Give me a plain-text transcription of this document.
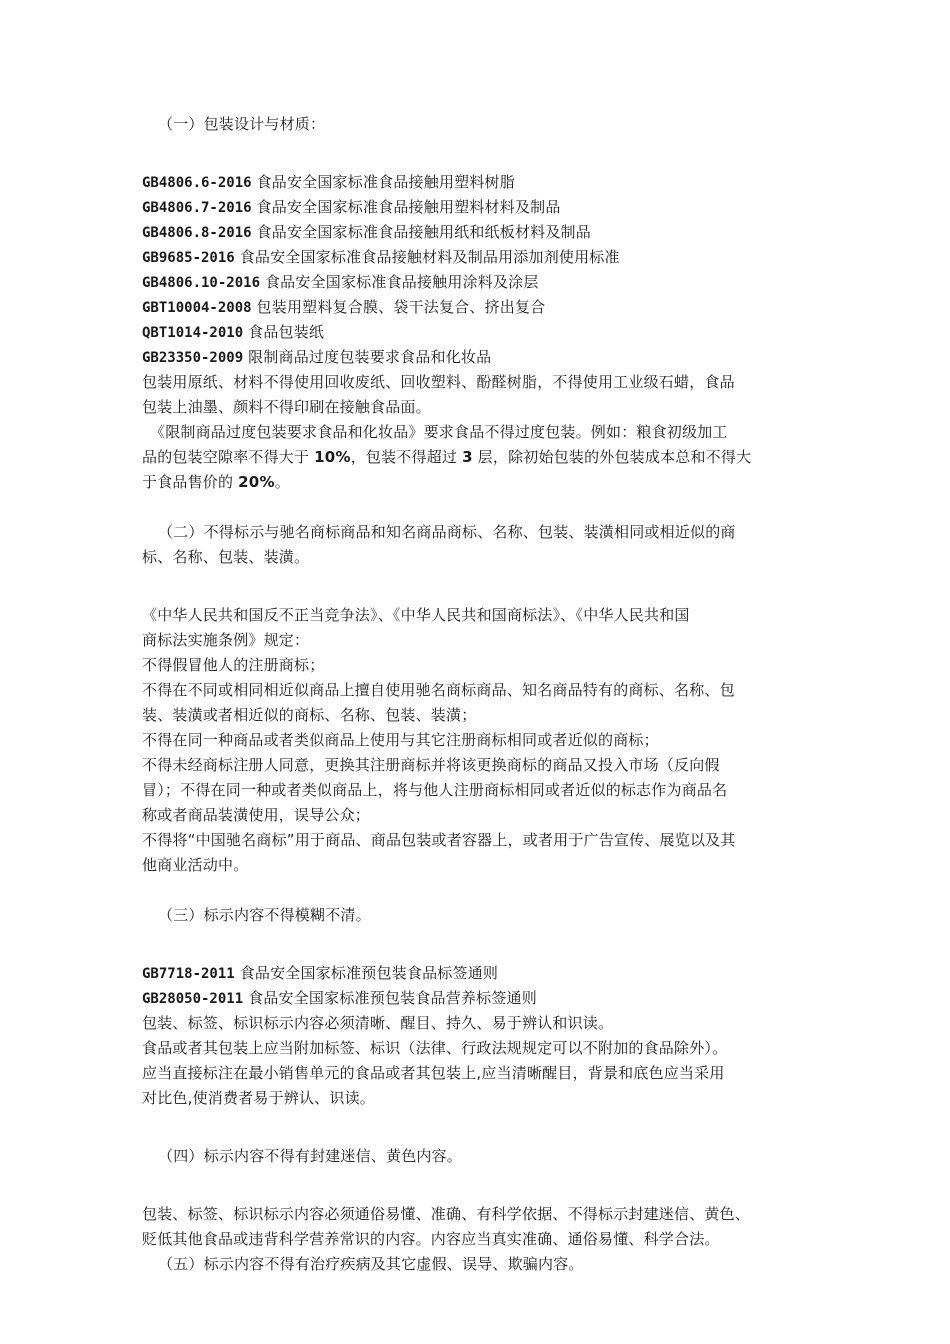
（一）包装设计与材质：
GB4806.6-2016 食品安全国家标准食品接触用塑料树脂
GB4806.7-2016 食品安全国家标准食品接触用塑料材料及制品
GB4806.8-2016 食品安全国家标准食品接触用纸和纸板材料及制品
GB9685-2016 食品安全国家标准食品接触材料及制品用添加剂使用标准
GB4806.10-2016 食品安全国家标准食品接触用涂料及涂层
GBT10004-2008 包装用塑料复合膜、袋干法复合、挤出复合
QBT1014-2010 食品包装纸
GB23350-2009 限制商品过度包装要求食品和化妆品
包装用原纸、材料不得使用回收废纸、回收塑料、酚醛树脂，不得使用工业级石蜡，食品
包装上油墨、颜料不得印刷在接触食品面。
《限制商品过度包装要求食品和化妆品》要求食品不得过度包装。例如：粮食初级加工
品的包装空隙率不得大于 10%，包装不得超过 3 层，除初始包装的外包装成本总和不得大
于食品售价的 20%。
（二）不得标示与驰名商标商品和知名商品商标、名称、包装、装潢相同或相近似的商
标、名称、包装、装潢。
《中华人民共和国反不正当竞争法》、《中华人民共和国商标法》、《中华人民共和国
商标法实施条例》规定：
不得假冒他人的注册商标；
不得在不同或相同相近似商品上擅自使用驰名商标商品、知名商品特有的商标、名称、包
装、装潢或者相近似的商标、名称、包装、装潢；
不得在同一种商品或者类似商品上使用与其它注册商标相同或者近似的商标；
不得未经商标注册人同意，更换其注册商标并将该更换商标的商品又投入市场（反向假
冒）；不得在同一种或者类似商品上，将与他人注册商标相同或者近似的标志作为商品名
称或者商品装潢使用，误导公众；
不得将“中国驰名商标”用于商品、商品包装或者容器上，或者用于广告宣传、展览以及其
他商业活动中。
（三）标示内容不得模糊不清。
GB7718-2011 食品安全国家标准预包装食品标签通则
GB28050-2011 食品安全国家标准预包装食品营养标签通则
包装、标签、标识标示内容必须清晰、醒目、持久、易于辨认和识读。
食品或者其包装上应当附加标签、标识（法律、行政法规规定可以不附加的食品除外）。
应当直接标注在最小销售单元的食品或者其包装上,应当清晰醒目，背景和底色应当采用
对比色,使消费者易于辨认、识读。
（四）标示内容不得有封建迷信、黄色内容。
包装、标签、标识标示内容必须通俗易懂、准确、有科学依据、不得标示封建迷信、黄色、
贬低其他食品或违背科学营养常识的内容。内容应当真实准确、通俗易懂、科学合法。
（五）标示内容不得有治疗疾病及其它虚假、误导、欺骗内容。
